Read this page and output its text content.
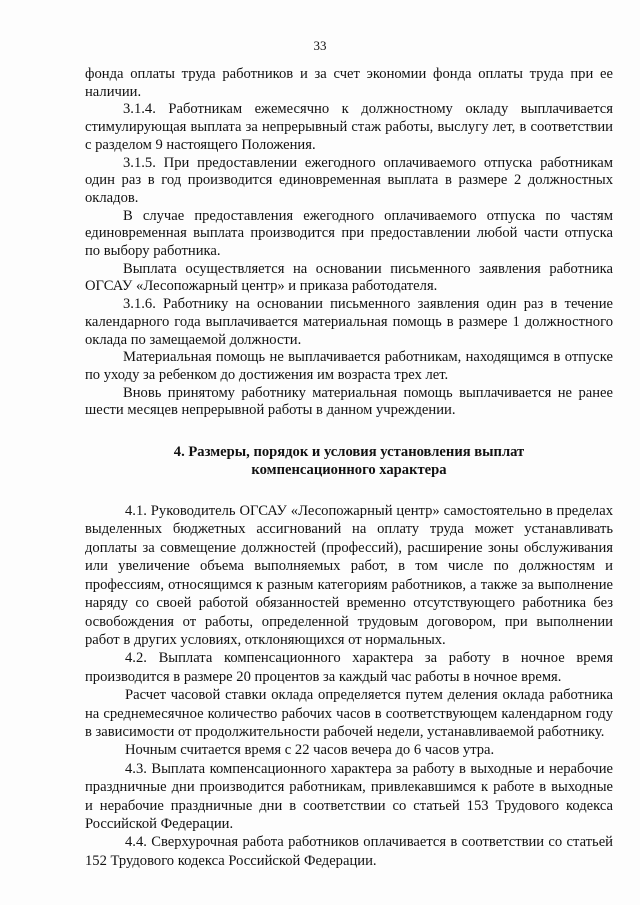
33

фонда оплаты труда работников и за счет экономии фонда оплаты труда при ее наличии.

3.1.4. Работникам ежемесячно к должностному окладу выплачивается стимулирующая выплата за непрерывный стаж работы, выслугу лет, в соответствии с разделом 9 настоящего Положения.

3.1.5. При предоставлении ежегодного оплачиваемого отпуска работникам один раз в год производится единовременная выплата в размере 2 должностных окладов.

В случае предоставления ежегодного оплачиваемого отпуска по частям единовременная выплата производится при предоставлении любой части отпуска по выбору работника.

Выплата осуществляется на основании письменного заявления работника ОГСАУ «Лесопожарный центр» и приказа работодателя.

3.1.6. Работнику на основании письменного заявления один раз в течение календарного года выплачивается материальная помощь в размере 1 должностного оклада по замещаемой должности.

Материальная помощь не выплачивается работникам, находящимся в отпуске по уходу за ребенком до достижения им возраста трех лет.

Вновь принятому работнику материальная помощь выплачивается не ранее шести месяцев непрерывной работы в данном учреждении.

4. Размеры, порядок и условия установления выплат
компенсационного характера

4.1. Руководитель ОГСАУ «Лесопожарный центр» самостоятельно в пределах выделенных бюджетных ассигнований на оплату труда может устанавливать доплаты за совмещение должностей (профессий), расширение зоны обслуживания или увеличение объема выполняемых работ, в том числе по должностям и профессиям, относящимся к разным категориям работников, а также за выполнение наряду со своей работой обязанностей временно отсутствующего работника без освобождения от работы, определенной трудовым договором, при выполнении работ в других условиях, отклоняющихся от нормальных.

4.2. Выплата компенсационного характера за работу в ночное время производится в размере 20 процентов за каждый час работы в ночное время.

Расчет часовой ставки оклада определяется путем деления оклада работника на среднемесячное количество рабочих часов в соответствующем календарном году в зависимости от продолжительности рабочей недели, устанавливаемой работнику.

Ночным считается время с 22 часов вечера до 6 часов утра.

4.3. Выплата компенсационного характера за работу в выходные и нерабочие праздничные дни производится работникам, привлекавшимся к работе в выходные и нерабочие праздничные дни в соответствии со статьей 153 Трудового кодекса Российской Федерации.

4.4. Сверхурочная работа работников оплачивается в соответствии со статьей 152 Трудового кодекса Российской Федерации.
